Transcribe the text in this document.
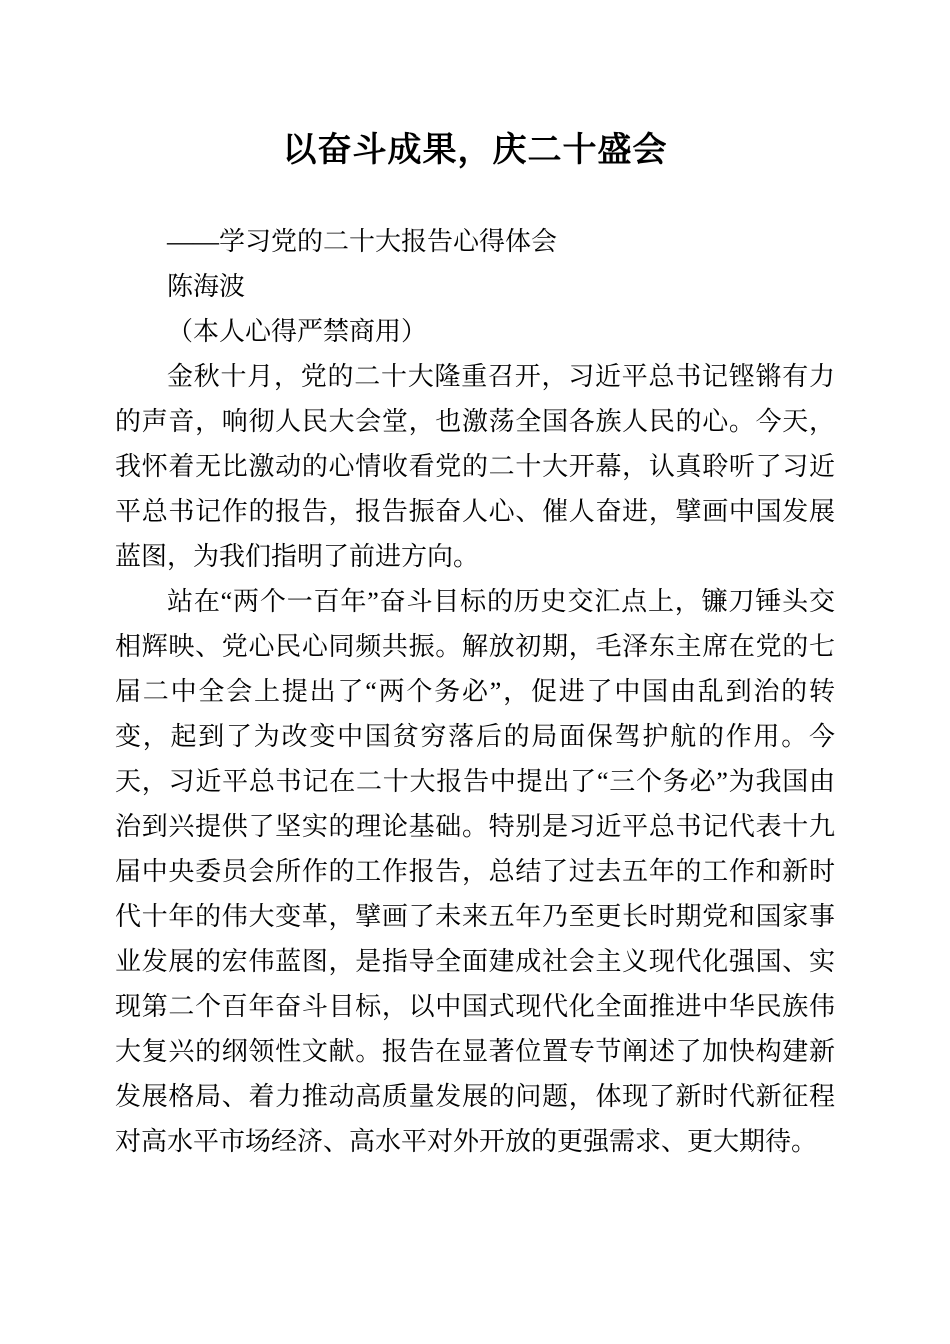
以奋斗成果，庆二十盛会

——学习党的二十大报告心得体会

陈海波

（本人心得严禁商用）

金秋十月，党的二十大隆重召开，习近平总书记铿锵有力的声音，响彻人民大会堂，也激荡全国各族人民的心。今天，我怀着无比激动的心情收看党的二十大开幕，认真聆听了习近平总书记作的报告，报告振奋人心、催人奋进，擘画中国发展蓝图，为我们指明了前进方向。

站在“两个一百年”奋斗目标的历史交汇点上，镰刀锤头交相辉映、党心民心同频共振。解放初期，毛泽东主席在党的七届二中全会上提出了“两个务必”，促进了中国由乱到治的转变，起到了为改变中国贫穷落后的局面保驾护航的作用。今天，习近平总书记在二十大报告中提出了“三个务必”为我国由治到兴提供了坚实的理论基础。特别是习近平总书记代表十九届中央委员会所作的工作报告，总结了过去五年的工作和新时代十年的伟大变革，擘画了未来五年乃至更长时期党和国家事业发展的宏伟蓝图，是指导全面建成社会主义现代化强国、实现第二个百年奋斗目标，以中国式现代化全面推进中华民族伟大复兴的纲领性文献。报告在显著位置专节阐述了加快构建新发展格局、着力推动高质量发展的问题，体现了新时代新征程对高水平市场经济、高水平对外开放的更强需求、更大期待。
